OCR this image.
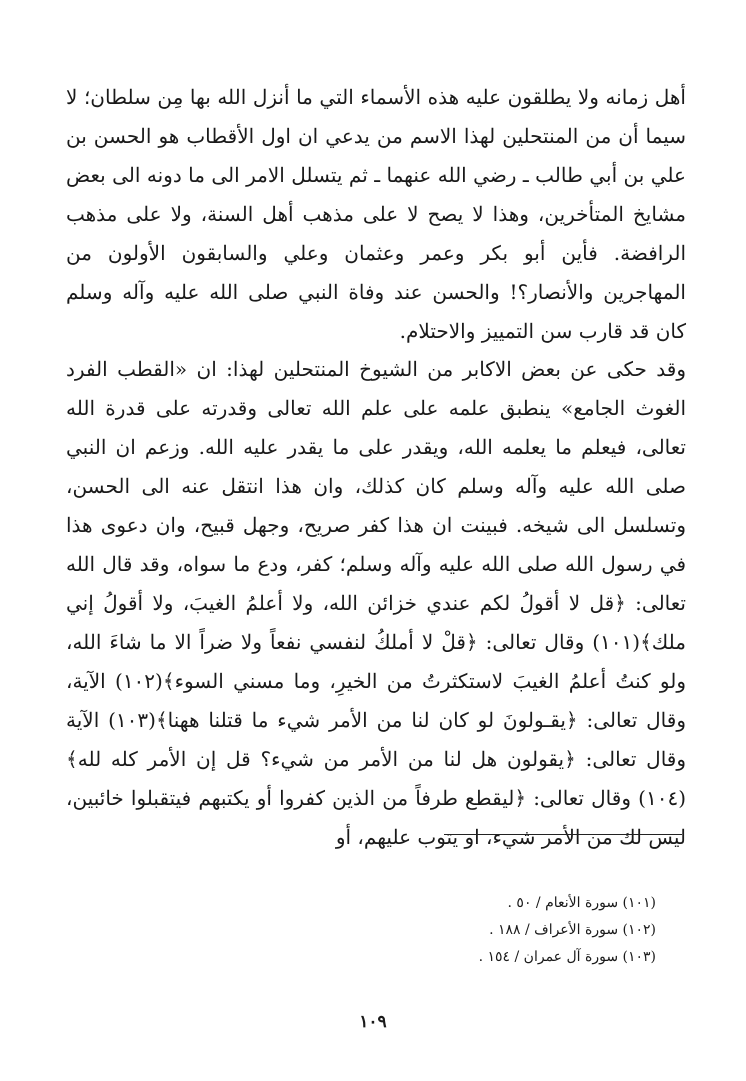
أهل زمانه ولا يطلقون عليه هذه الأسماء التي ما أنزل الله بها مِن سلطان؛ لا سيما أن من المنتحلين لهذا الاسم من يدعي ان اول الأقطاب هو الحسن بن علي بن أبي طالب ـ رضي الله عنهما ـ ثم يتسلل الامر الى ما دونه الى بعض مشايخ المتأخرين، وهذا لا يصح لا على مذهب أهل السنة، ولا على مذهب الرافضة. فأين أبو بكر وعمر وعثمان وعلي والسابقون الأولون من المهاجرين والأنصار؟! والحسن عند وفاة النبي صلى الله عليه وآله وسلم كان قد قارب سن التمييز والاحتلام.

وقد حكى عن بعض الاكابر من الشيوخ المنتحلين لهذا: ان «القطب الفرد الغوث الجامع» ينطبق علمه على علم الله تعالى وقدرته على قدرة الله تعالى، فيعلم ما يعلمه الله، ويقدر على ما يقدر عليه الله. وزعم ان النبي صلى الله عليه وآله وسلم كان كذلك، وان هذا انتقل عنه الى الحسن، وتسلسل الى شيخه. فبينت ان هذا كفر صريح، وجهل قبيح، وان دعوى هذا في رسول الله صلى الله عليه وآله وسلم؛ كفر، ودع ما سواه، وقد قال الله تعالى: ﴿قل لا أقولُ لكم عندي خزائن الله، ولا أعلمُ الغيبَ، ولا أقولُ إني ملك﴾(١٠١) وقال تعالى: ﴿قلْ لا أملكُ لنفسي نفعاً ولا ضراً الا ما شاءَ الله، ولو كنتُ أعلمُ الغيبَ لاستكثرتُ من الخيرِ، وما مسني السوء﴾(١٠٢) الآية، وقال تعالى: ﴿يقـولونَ لو كان لنا من الأمر شيء ما قتلنا ههنا﴾(١٠٣) الآية وقال تعالى: ﴿يقولون هل لنا من الأمر من شيء؟ قل إن الأمر كله لله﴾(١٠٤) وقال تعالى: ﴿ليقطع طرفاً من الذين كفروا أو يكتبهم فيتقبلوا خائبين، ليس لك من الأمر شيء، او يتوب عليهم، أو

(١٠١) سورة الأنعام / ٥٠ .
(١٠٢) سورة الأعراف / ١٨٨ .
(١٠٣) سورة آل عمران / ١٥٤ .
١٠٩
